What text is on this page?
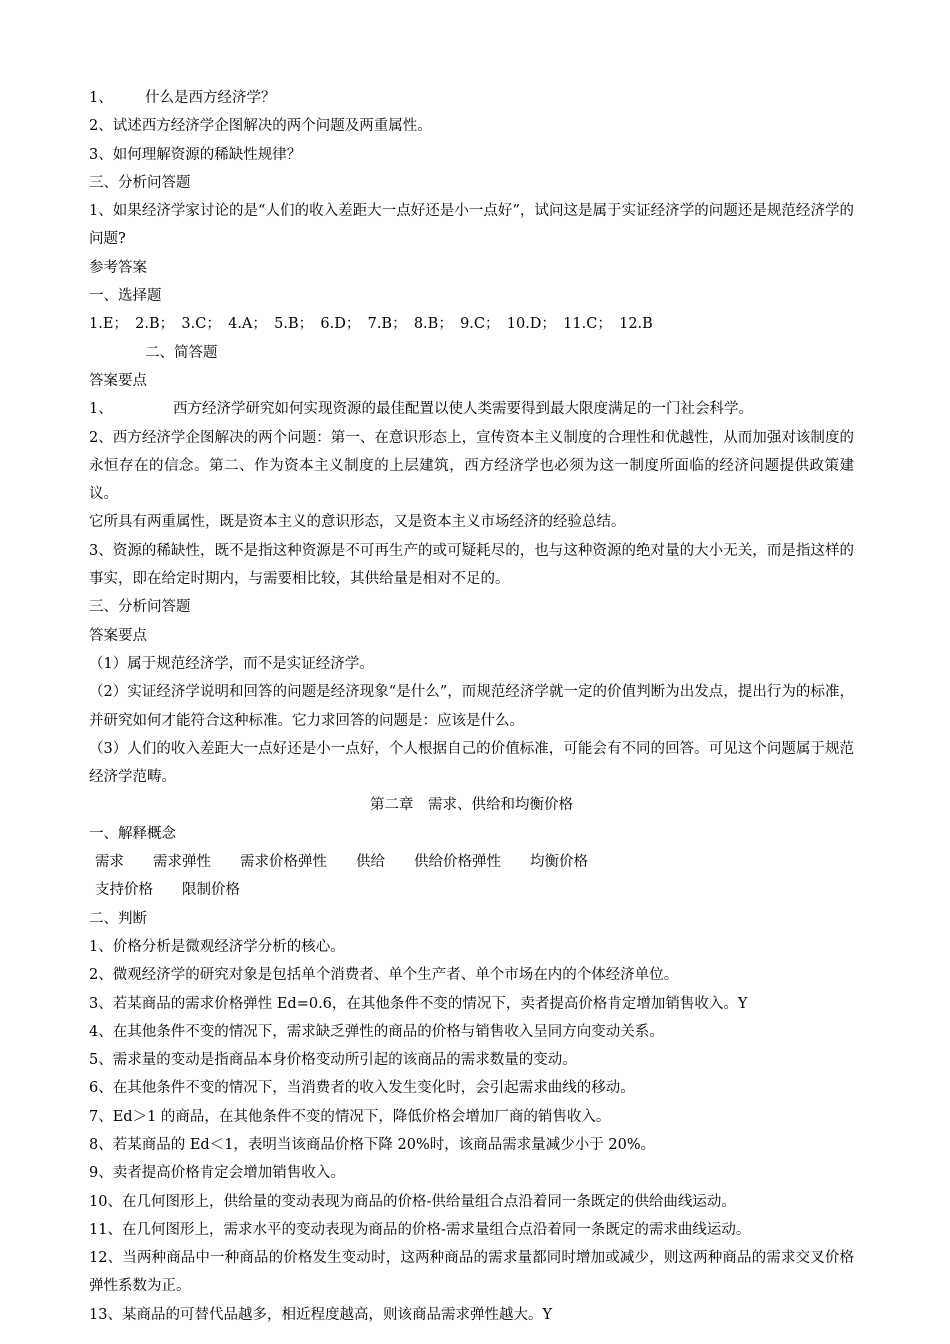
1、 什么是西方经济学？
2、试述西方经济学企图解决的两个问题及两重属性。
3、如何理解资源的稀缺性规律？
三、分析问答题
1、如果经济学家讨论的是“人们的收入差距大一点好还是小一点好”，试问这是属于实证经济学的问题还是规范经济学的问题?
参考答案
一、选择题
1.E；　2.B；　3.C；　4.A；　5.B；　6.D；　7.B；　8.B；　9.C；　10.D；　11.C；　12.B
二、简答题
答案要点
1、	西方经济学研究如何实现资源的最佳配置以使人类需要得到最大限度满足的一门社会科学。
2、西方经济学企图解决的两个问题：第一、在意识形态上，宣传资本主义制度的合理性和优越性，从而加强对该制度的永恒存在的信念。第二、作为资本主义制度的上层建筑，西方经济学也必须为这一制度所面临的经济问题提供政策建议。
它所具有两重属性，既是资本主义的意识形态，又是资本主义市场经济的经验总结。
3、资源的稀缺性，既不是指这种资源是不可再生产的或可疑耗尽的，也与这种资源的绝对量的大小无关，而是指这样的事实，即在给定时期内，与需要相比较，其供给量是相对不足的。
三、分析问答题
答案要点
（1）属于规范经济学，而不是实证经济学。
（2）实证经济学说明和回答的问题是经济现象“是什么”，而规范经济学就一定的价值判断为出发点，提出行为的标准，并研究如何才能符合这种标准。它力求回答的问题是：应该是什么。
（3）人们的收入差距大一点好还是小一点好，个人根据自己的价值标准，可能会有不同的回答。可见这个问题属于规范经济学范畴。
第二章　需求、供给和均衡价格
一、解释概念
需求　　需求弹性　　需求价格弹性　　供给　　供给价格弹性　　均衡价格
支持价格　　限制价格
二、判断
1、价格分析是微观经济学分析的核心。
2、微观经济学的研究对象是包括单个消费者、单个生产者、单个市场在内的个体经济单位。
3、若某商品的需求价格弹性 Ed=0.6，在其他条件不变的情况下，卖者提高价格肯定增加销售收入。Y
4、在其他条件不变的情况下，需求缺乏弹性的商品的价格与销售收入呈同方向变动关系。
5、需求量的变动是指商品本身价格变动所引起的该商品的需求数量的变动。
6、在其他条件不变的情况下，当消费者的收入发生变化时，会引起需求曲线的移动。
7、Ed＞1 的商品，在其他条件不变的情况下，降低价格会增加厂商的销售收入。
8、若某商品的 Ed＜1，表明当该商品价格下降 20%时，该商品需求量减少小于 20%。
9、卖者提高价格肯定会增加销售收入。
10、在几何图形上，供给量的变动表现为商品的价格-供给量组合点沿着同一条既定的供给曲线运动。
11、在几何图形上，需求水平的变动表现为商品的价格-需求量组合点沿着同一条既定的需求曲线运动。
12、当两种商品中一种商品的价格发生变动时，这两种商品的需求量都同时增加或减少，则这两种商品的需求交叉价格弹性系数为正。
13、某商品的可替代品越多，相近程度越高，则该商品需求弹性越大。Y
